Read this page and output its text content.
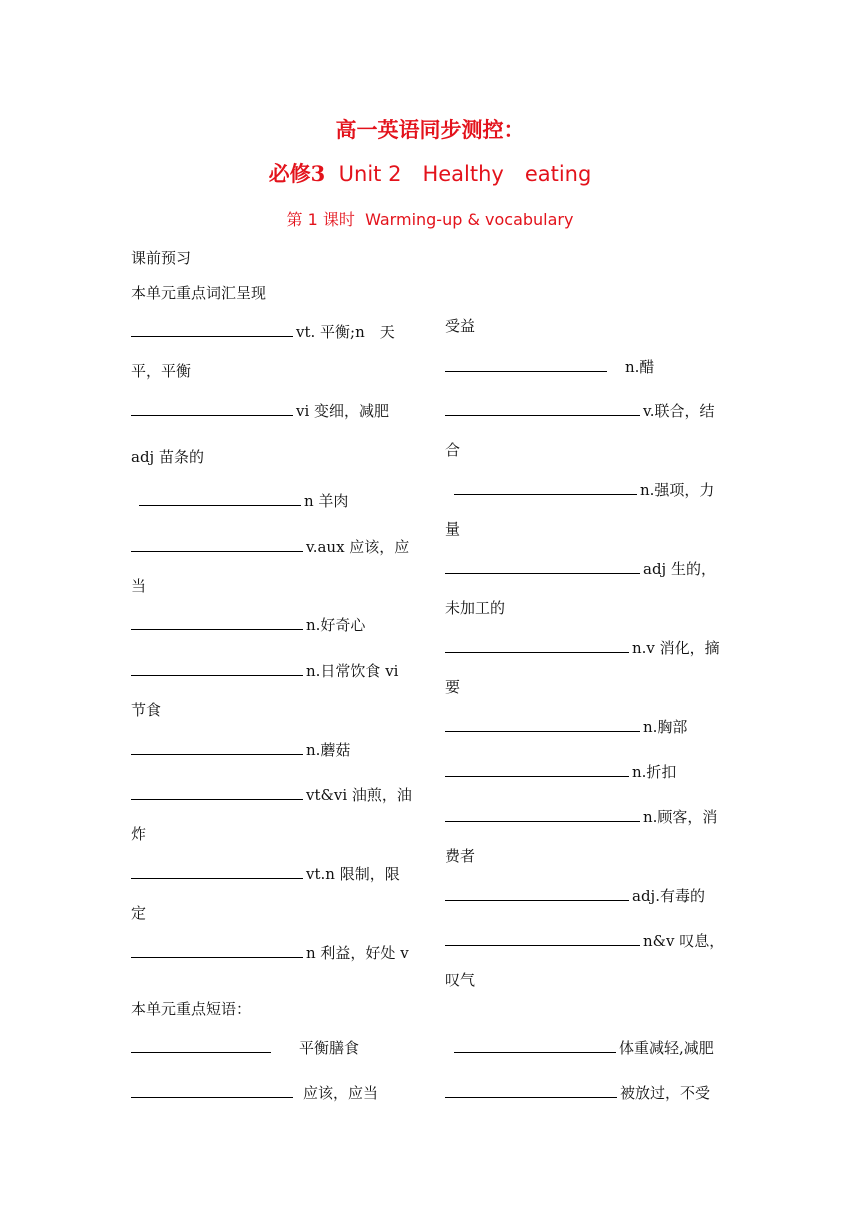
高一英语同步测控：
必修3 Unit 2　Healthy　eating
第 1 课时 Warming-up & vocabulary
课前预习
本单元重点词汇呈现
vt. 平衡;n　天
平，平衡
vi 变细，减肥
adj 苗条的
n 羊肉
v.aux 应该，应
当
n.好奇心
n.日常饮食 vi
节食
n.蘑菇
vt&vi 油煎，油
炸
vt.n 限制，限
定
n 利益，好处 v
受益
n.醋
v.联合，结
合
n.强项，力
量
adj 生的，
未加工的
n.v 消化，摘
要
n.胸部
n.折扣
n.顾客，消
费者
adj.有毒的
n&v 叹息，
叹气
本单元重点短语：
平衡膳食
应该，应当
体重减轻,减肥
被放过，不受
